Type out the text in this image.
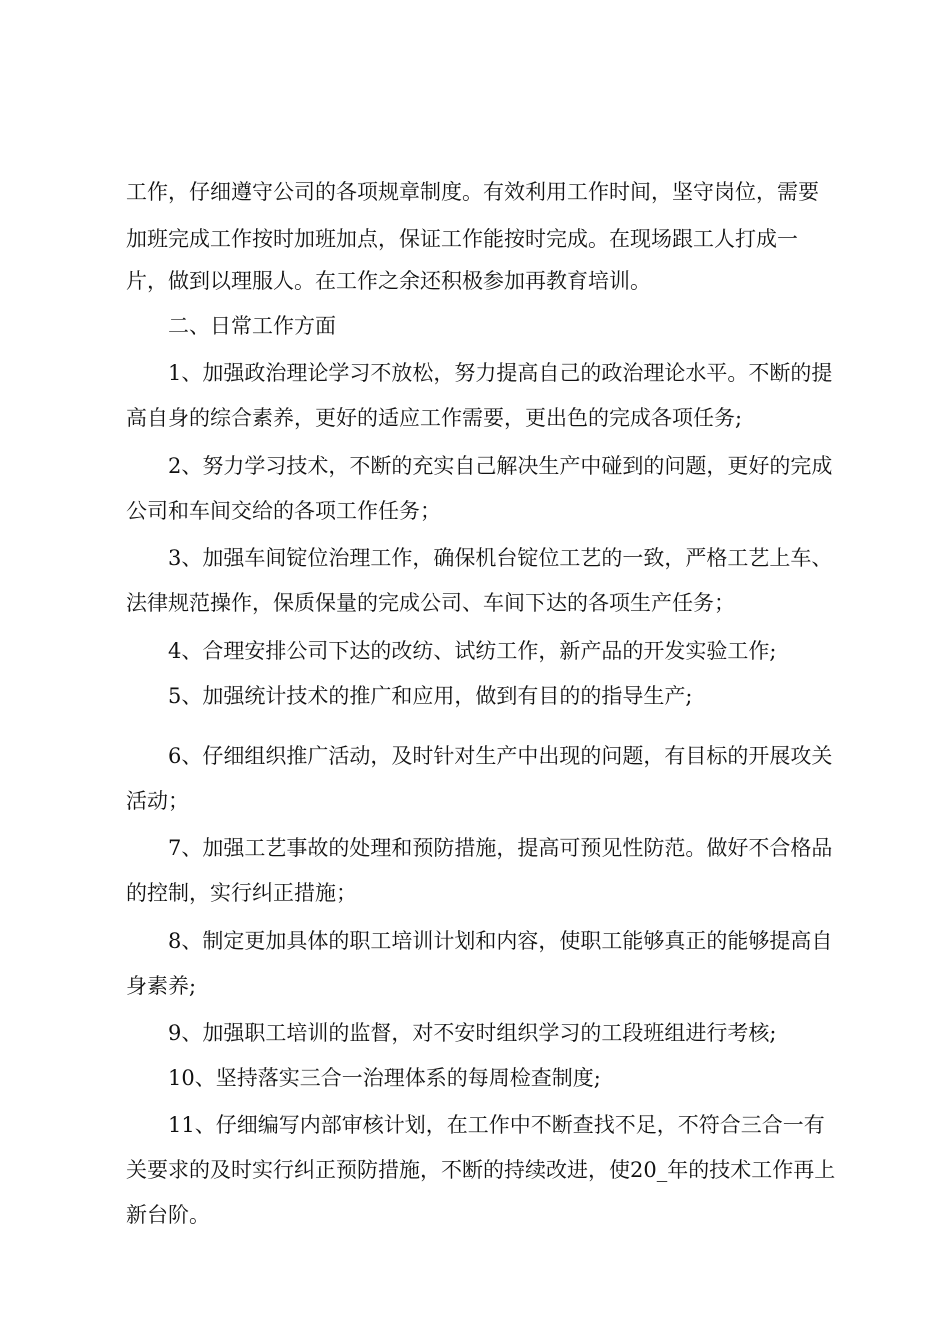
工作，仔细遵守公司的各项规章制度。有效利用工作时间，坚守岗位，需要
加班完成工作按时加班加点，保证工作能按时完成。在现场跟工人打成一
片，做到以理服人。在工作之余还积极参加再教育培训。
二、日常工作方面
1、加强政治理论学习不放松，努力提高自己的政治理论水平。不断的提
高自身的综合素养，更好的适应工作需要，更出色的完成各项任务;
2、努力学习技术，不断的充实自己解决生产中碰到的问题，更好的完成
公司和车间交给的各项工作任务；
3、加强车间锭位治理工作，确保机台锭位工艺的一致，严格工艺上车、
法律规范操作，保质保量的完成公司、车间下达的各项生产任务；
4、合理安排公司下达的改纺、试纺工作，新产品的开发实验工作;
5、加强统计技术的推广和应用，做到有目的的指导生产;
6、仔细组织推广活动，及时针对生产中出现的问题，有目标的开展攻关
活动；
7、加强工艺事故的处理和预防措施，提高可预见性防范。做好不合格品
的控制，实行纠正措施；
8、制定更加具体的职工培训计划和内容，使职工能够真正的能够提高自
身素养;
9、加强职工培训的监督，对不安时组织学习的工段班组进行考核;
10、坚持落实三合一治理体系的每周检查制度;
11、仔细编写内部审核计划，在工作中不断查找不足，不符合三合一有
关要求的及时实行纠正预防措施，不断的持续改进，使20_年的技术工作再上
新台阶。
